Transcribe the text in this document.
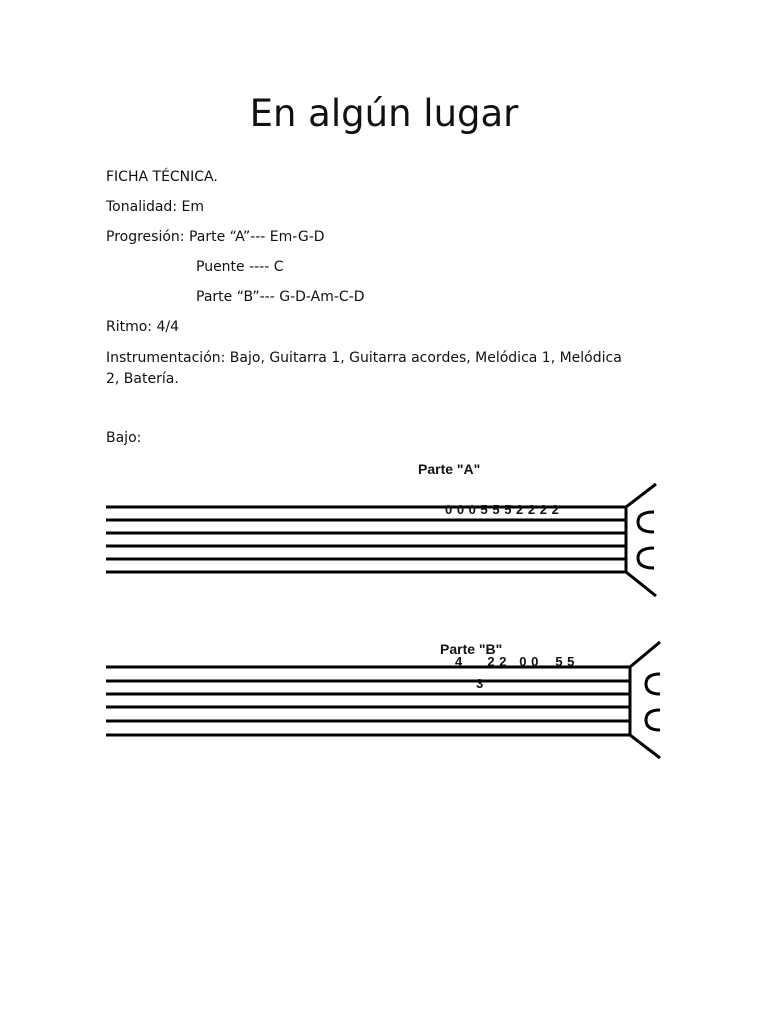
En algún lugar
FICHA TÉCNICA.
Tonalidad: Em
Progresión: Parte “A”--- Em-G-D
Puente ---- C
Parte “B”--- G-D-Am-C-D
Ritmo: 4/4
Instrumentación: Bajo, Guitarra 1, Guitarra acordes, Melódica 1, Melódica 2, Batería.
Bajo:
Parte "A"
0 0 0 5 5 5 2 2 2 2
Parte "B"
4      2 2   0 0    5 5
3
